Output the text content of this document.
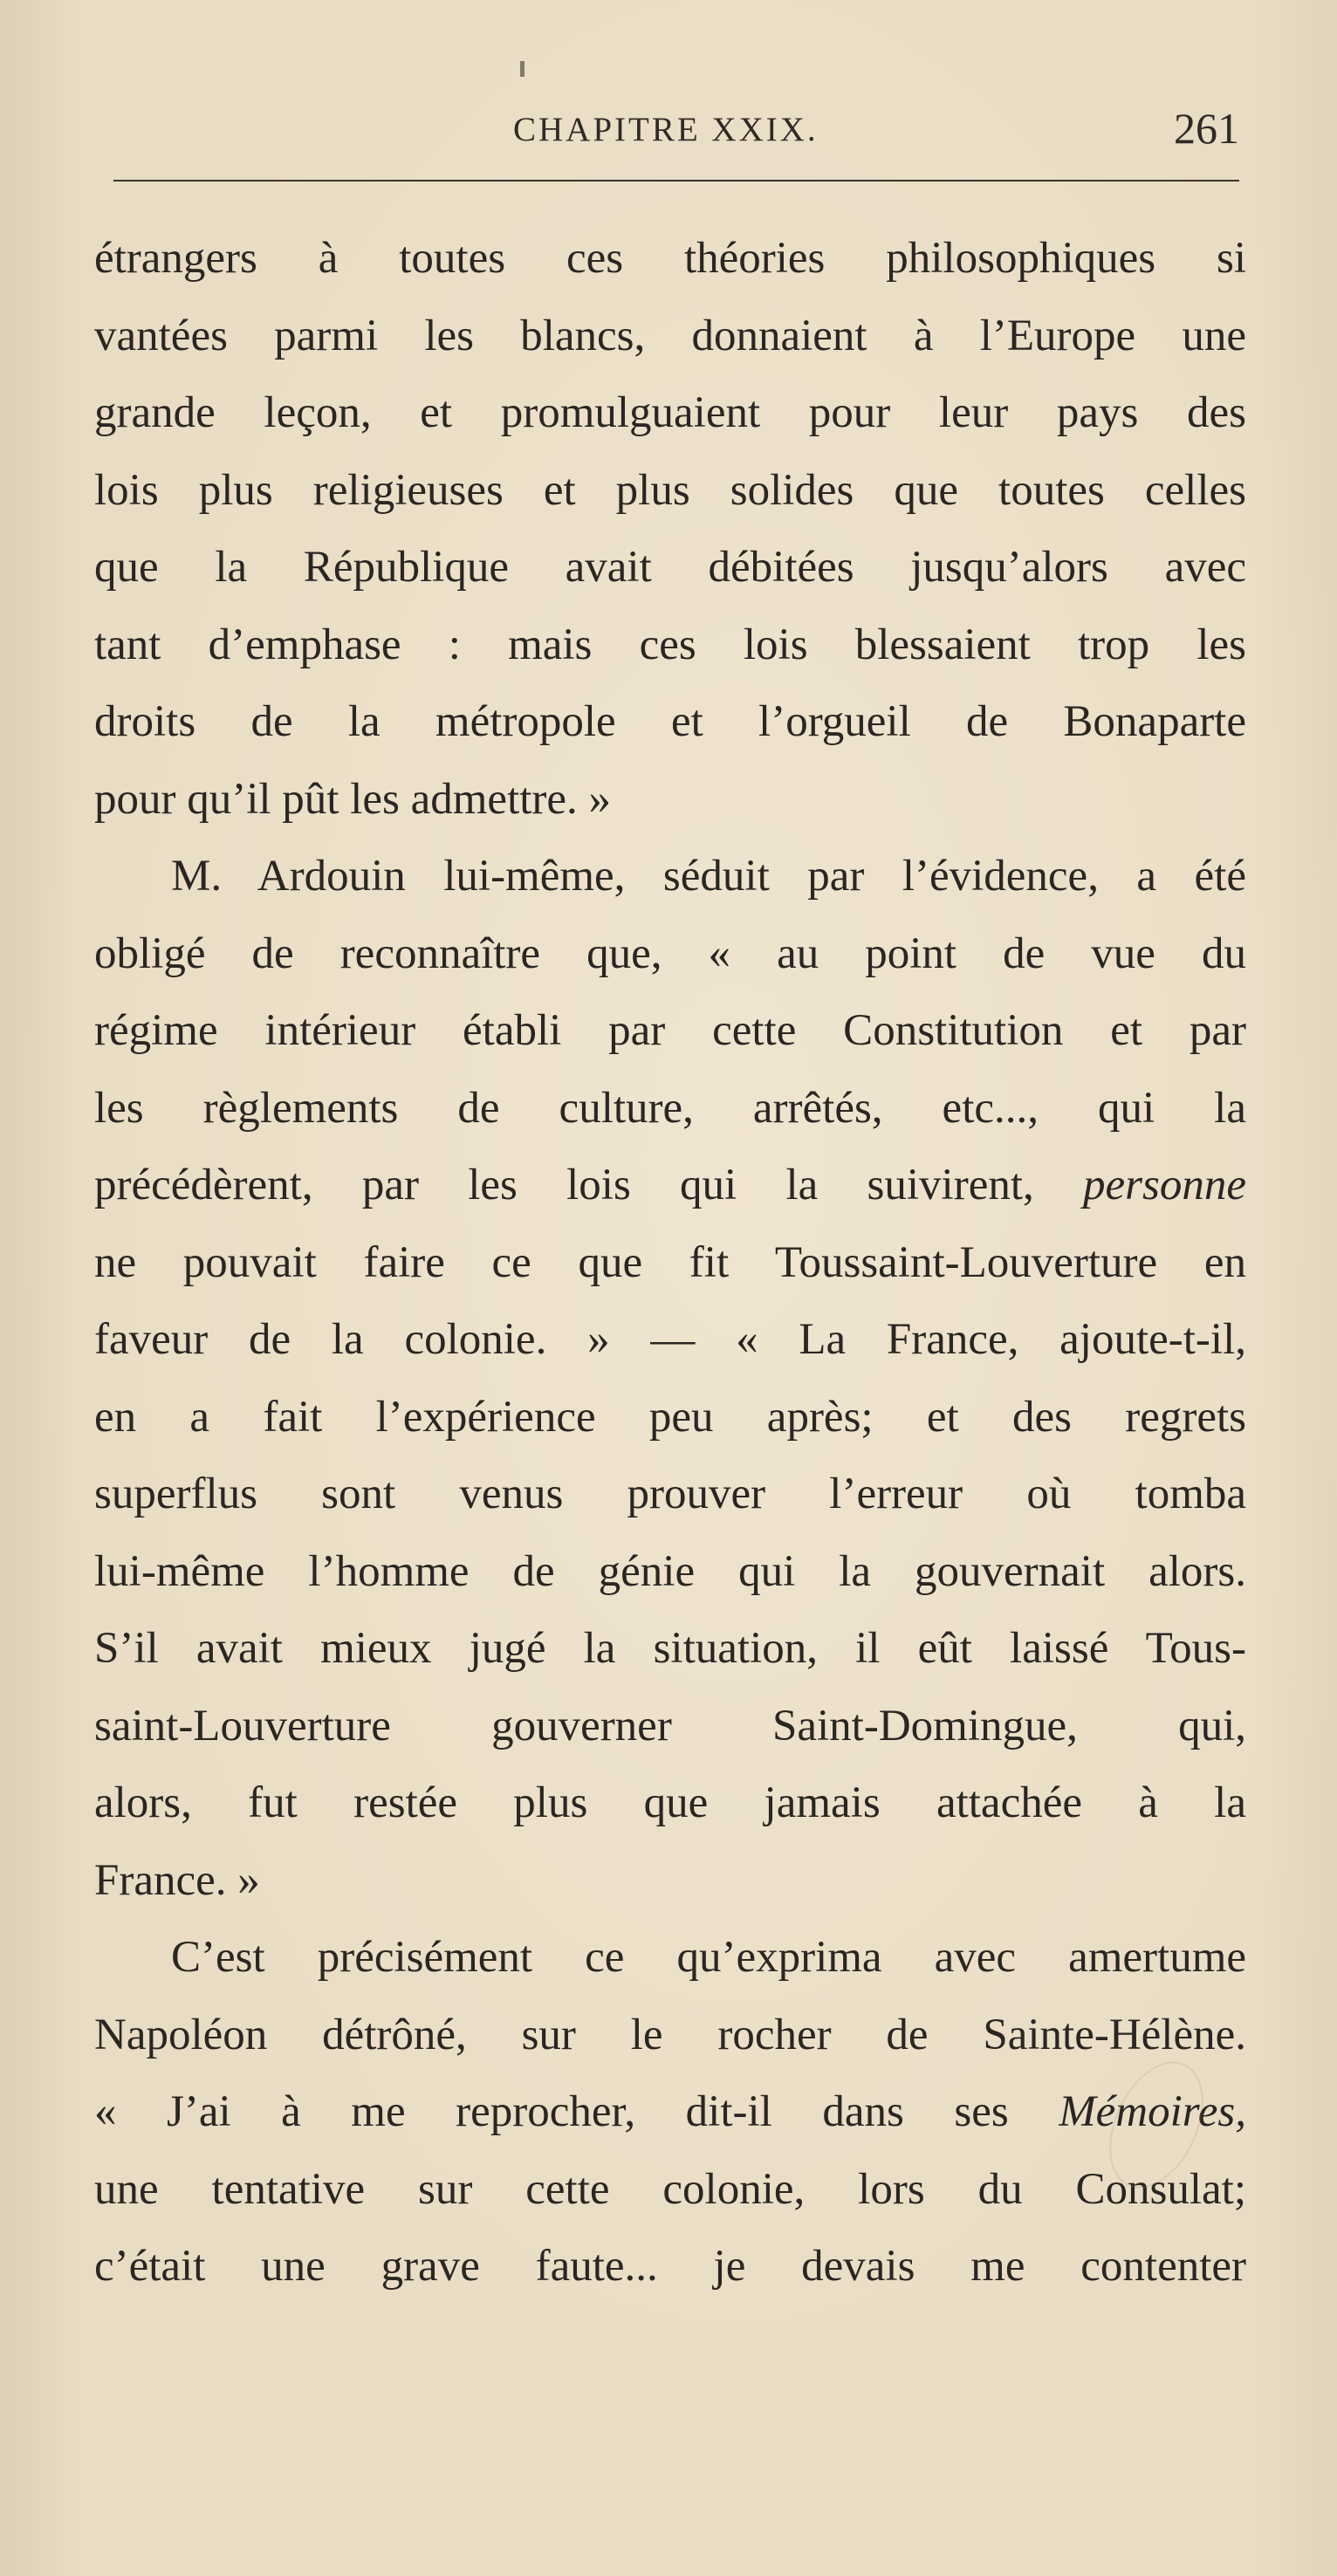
CHAPITRE XXIX.	261
étrangers à toutes ces théories philosophiques si
vantées parmi les blancs, donnaient à l’Europe une
grande leçon, et promulguaient pour leur pays des
lois plus religieuses et plus solides que toutes celles
que la République avait débitées jusqu’alors avec
tant d’emphase : mais ces lois blessaient trop les
droits de la métropole et l’orgueil de Bonaparte
pour qu’il pût les admettre. »
M. Ardouin lui-même, séduit par l’évidence, a été
obligé de reconnaître que, « au point de vue du
régime intérieur établi par cette Constitution et par
les règlements de culture, arrêtés, etc..., qui la
précédèrent, par les lois qui la suivirent, personne
ne pouvait faire ce que fit Toussaint-Louverture en
faveur de la colonie. » — « La France, ajoute-t-il,
en a fait l’expérience peu après; et des regrets
superflus sont venus prouver l’erreur où tomba
lui-même l’homme de génie qui la gouvernait alors.
S’il avait mieux jugé la situation, il eût laissé Tous-
saint-Louverture gouverner Saint-Domingue, qui,
alors, fut restée plus que jamais attachée à la
France. »
C’est précisément ce qu’exprima avec amertume
Napoléon détrôné, sur le rocher de Sainte-Hélène.
« J’ai à me reprocher, dit-il dans ses Mémoires,
une tentative sur cette colonie, lors du Consulat;
c’était une grave faute... je devais me contenter
